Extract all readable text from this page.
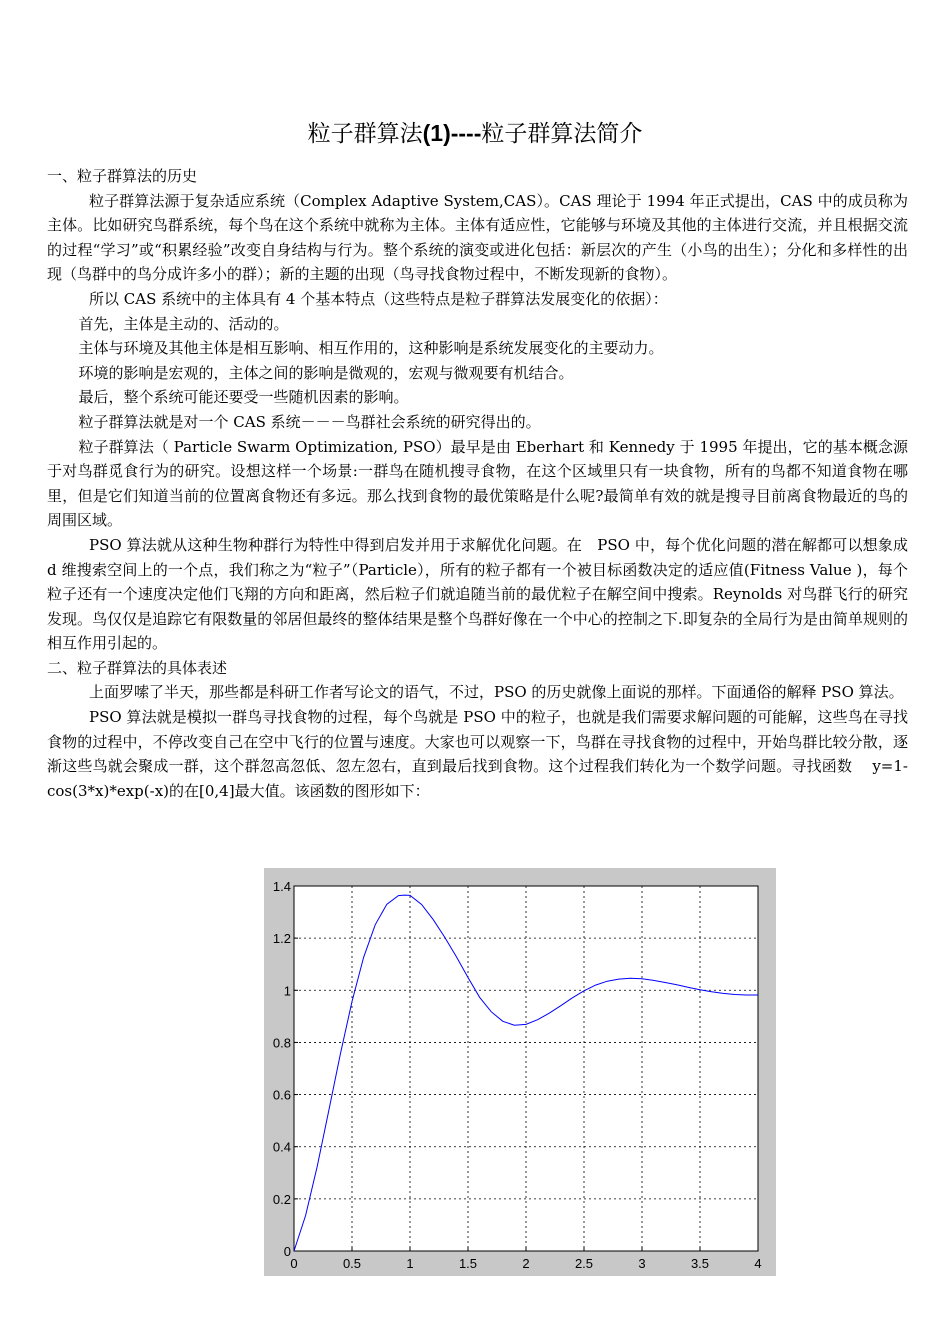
粒子群算法(1)----粒子群算法简介

一、粒子群算法的历史

粒子群算法源于复杂适应系统（Complex Adaptive System,CAS）。CAS 理论于 1994 年正式提出，CAS 中的成员称为主体。比如研究鸟群系统，每个鸟在这个系统中就称为主体。主体有适应性，它能够与环境及其他的主体进行交流，并且根据交流的过程“学习”或“积累经验”改变自身结构与行为。整个系统的演变或进化包括：新层次的产生（小鸟的出生）；分化和多样性的出现（鸟群中的鸟分成许多小的群）；新的主题的出现（鸟寻找食物过程中，不断发现新的食物）。

所以 CAS 系统中的主体具有 4 个基本特点（这些特点是粒子群算法发展变化的依据）：

首先，主体是主动的、活动的。

主体与环境及其他主体是相互影响、相互作用的，这种影响是系统发展变化的主要动力。

环境的影响是宏观的，主体之间的影响是微观的，宏观与微观要有机结合。

最后，整个系统可能还要受一些随机因素的影响。

粒子群算法就是对一个 CAS 系统－－－鸟群社会系统的研究得出的。

粒子群算法（ Particle Swarm Optimization, PSO）最早是由 Eberhart 和 Kennedy 于 1995 年提出，它的基本概念源于对鸟群觅食行为的研究。设想这样一个场景:一群鸟在随机搜寻食物，在这个区域里只有一块食物，所有的鸟都不知道食物在哪里，但是它们知道当前的位置离食物还有多远。那么找到食物的最优策略是什么呢?最简单有效的就是搜寻目前离食物最近的鸟的周围区域。

PSO 算法就从这种生物种群行为特性中得到启发并用于求解优化问题。在　PSO 中，每个优化问题的潜在解都可以想象成 d 维搜索空间上的一个点，我们称之为“粒子”（Particle），所有的粒子都有一个被目标函数决定的适应值(Fitness Value )，每个粒子还有一个速度决定他们飞翔的方向和距离，然后粒子们就追随当前的最优粒子在解空间中搜索。Reynolds 对鸟群飞行的研究发现。鸟仅仅是追踪它有限数量的邻居但最终的整体结果是整个鸟群好像在一个中心的控制之下.即复杂的全局行为是由简单规则的相互作用引起的。

二、粒子群算法的具体表述

上面罗嗦了半天，那些都是科研工作者写论文的语气，不过，PSO 的历史就像上面说的那样。下面通俗的解释 PSO 算法。

PSO 算法就是模拟一群鸟寻找食物的过程，每个鸟就是 PSO 中的粒子，也就是我们需要求解问题的可能解，这些鸟在寻找食物的过程中，不停改变自己在空中飞行的位置与速度。大家也可以观察一下，鸟群在寻找食物的过程中，开始鸟群比较分散，逐渐这些鸟就会聚成一群，这个群忽高忽低、忽左忽右，直到最后找到食物。这个过程我们转化为一个数学问题。寻找函数　 y=1-cos(3*x)*exp(-x)的在[0,4]最大值。该函数的图形如下：

0	0.5	1	1.5	2	2.5	3	3.5	4
0
0.2
0.4
0.6
0.8
1
1.2
1.4
